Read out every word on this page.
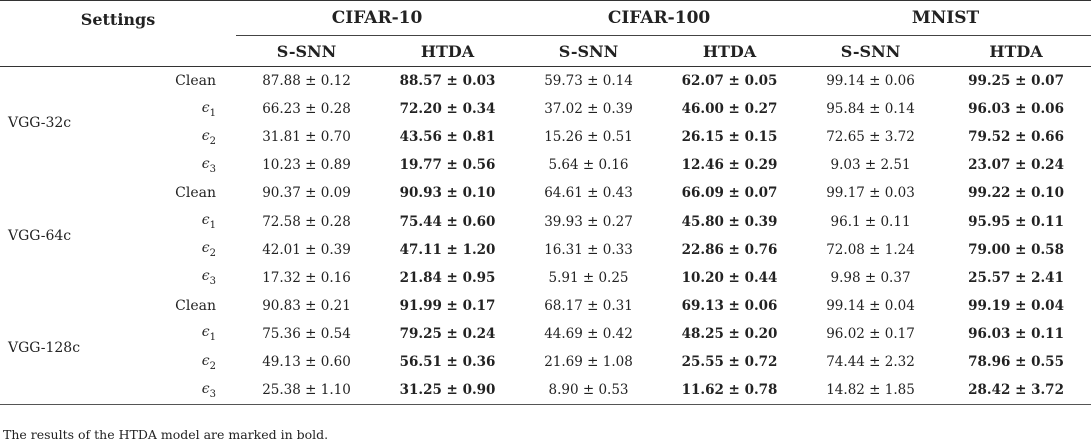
Settings		CIFAR-10		CIFAR-100		MNIST	
		S-SNN	HTDA	S-SNN	HTDA	S-SNN	HTDA
VGG-32c	Clean	87.88 ± 0.12	88.57 ± 0.03	59.73 ± 0.14	62.07 ± 0.05	99.14 ± 0.06	99.25 ± 0.07
	$\epsilon_1$	66.23 ± 0.28	72.20 ± 0.34	37.02 ± 0.39	46.00 ± 0.27	95.84 ± 0.14	96.03 ± 0.06
	$\epsilon_2$	31.81 ± 0.70	43.56 ± 0.81	15.26 ± 0.51	26.15 ± 0.15	72.65 ± 3.72	79.52 ± 0.66
	$\epsilon_3$	10.23 ± 0.89	19.77 ± 0.56	5.64 ± 0.16	12.46 ± 0.29	9.03 ± 2.51	23.07 ± 0.24
VGG-64c	Clean	90.37 ± 0.09	90.93 ± 0.10	64.61 ± 0.43	66.09 ± 0.07	99.17 ± 0.03	99.22 ± 0.10
	$\epsilon_1$	72.58 ± 0.28	75.44 ± 0.60	39.93 ± 0.27	45.80 ± 0.39	96.1 ± 0.11	95.95 ± 0.11
	$\epsilon_2$	42.01 ± 0.39	47.11 ± 1.20	16.31 ± 0.33	22.86 ± 0.76	72.08 ± 1.24	79.00 ± 0.58
	$\epsilon_3$	17.32 ± 0.16	21.84 ± 0.95	5.91 ± 0.25	10.20 ± 0.44	9.98 ± 0.37	25.57 ± 2.41
VGG-128c	Clean	90.83 ± 0.21	91.99 ± 0.17	68.17 ± 0.31	69.13 ± 0.06	99.14 ± 0.04	99.19 ± 0.04
	$\epsilon_1$	75.36 ± 0.54	79.25 ± 0.24	44.69 ± 0.42	48.25 ± 0.20	96.02 ± 0.17	96.03 ± 0.11
	$\epsilon_2$	49.13 ± 0.60	56.51 ± 0.36	21.69 ± 1.08	25.55 ± 0.72	74.44 ± 2.32	78.96 ± 0.55
	$\epsilon_3$	25.38 ± 1.10	31.25 ± 0.90	8.90 ± 0.53	11.62 ± 0.78	14.82 ± 1.85	28.42 ± 3.72
The results of the HTDA model are marked in bold.
